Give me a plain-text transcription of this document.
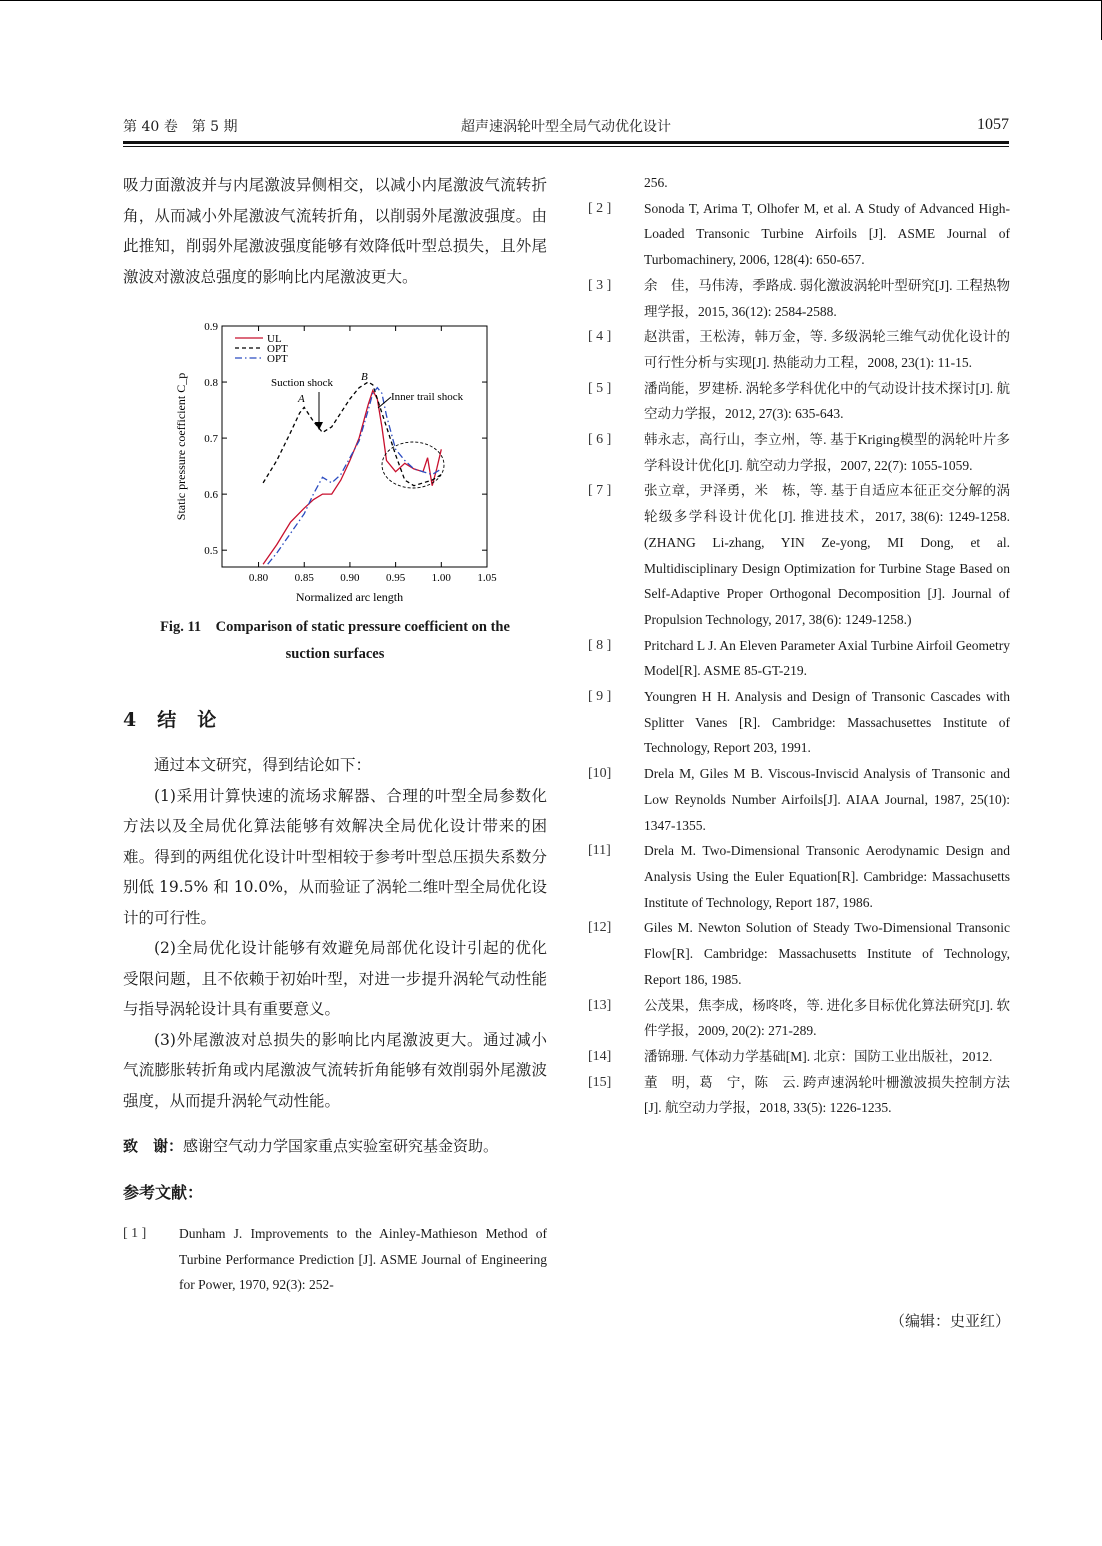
第 40 卷　第 5 期	超声速涡轮叶型全局气动优化设计	1057

吸力面激波并与内尾激波异侧相交，以减小内尾激波气流转折角，从而减小外尾激波气流转折角，以削弱外尾激波强度。由此推知，削弱外尾激波强度能够有效降低叶型总损失，且外尾激波对激波总强度的影响比内尾激波更大。

0.80 0.85 0.90 0.95 1.00 1.05
0.5
0.6
0.7
0.8
0.9
Normalized arc length
Static pressure coefficient C_p
UL
OPT
OPT
Suction shock
A
B
Inner trail shock
Fig. 11　Comparison of static pressure coefficient on the
suction surfaces
4　结　论

通过本文研究，得到结论如下：

(1)采用计算快速的流场求解器、合理的叶型全局参数化方法以及全局优化算法能够有效解决全局优化设计带来的困难。得到的两组优化设计叶型相较于参考叶型总压损失系数分别低 19.5% 和 10.0%，从而验证了涡轮二维叶型全局优化设计的可行性。

(2)全局优化设计能够有效避免局部优化设计引起的优化受限问题，且不依赖于初始叶型，对进一步提升涡轮气动性能与指导涡轮设计具有重要意义。

(3)外尾激波对总损失的影响比内尾激波更大。通过减小气流膨胀转折角或内尾激波气流转折角能够有效削弱外尾激波强度，从而提升涡轮气动性能。

致　谢：感谢空气动力学国家重点实验室研究基金资助。
参考文献：
[ 1 ]	Dunham J. Improvements to the Ainley-Mathieson Method of Turbine Performance Prediction [J]. ASME Journal of Engineering for Power, 1970, 92(3): 252-
256.
[ 2 ]	Sonoda T, Arima T, Olhofer M, et al. A Study of Advanced High-Loaded Transonic Turbine Airfoils [J]. ASME Journal of Turbomachinery, 2006, 128(4): 650-657.
[ 3 ]	余　佳，马伟涛，季路成. 弱化激波涡轮叶型研究[J]. 工程热物理学报，2015, 36(12): 2584-2588.
[ 4 ]	赵洪雷，王松涛，韩万金，等. 多级涡轮三维气动优化设计的可行性分析与实现[J]. 热能动力工程，2008, 23(1): 11-15.
[ 5 ]	潘尚能，罗建桥. 涡轮多学科优化中的气动设计技术探讨[J]. 航空动力学报，2012, 27(3): 635-643.
[ 6 ]	韩永志，高行山，李立州，等. 基于Kriging模型的涡轮叶片多学科设计优化[J]. 航空动力学报，2007, 22(7): 1055-1059.
[ 7 ]	张立章，尹泽勇，米　栋，等. 基于自适应本征正交分解的涡轮级多学科设计优化[J]. 推进技术，2017, 38(6): 1249-1258. (ZHANG Li-zhang, YIN Ze-yong, MI Dong, et al. Multidisciplinary Design Optimization for Turbine Stage Based on Self-Adaptive Proper Orthogonal Decomposition [J]. Journal of Propulsion Technology, 2017, 38(6): 1249-1258.)
[ 8 ]	Pritchard L J. An Eleven Parameter Axial Turbine Airfoil Geometry Model[R]. ASME 85-GT-219.
[ 9 ]	Youngren H H. Analysis and Design of Transonic Cascades with Splitter Vanes [R]. Cambridge: Massachusettes Institute of Technology, Report 203, 1991.
[10]	Drela M, Giles M B. Viscous-Inviscid Analysis of Transonic and Low Reynolds Number Airfoils[J]. AIAA Journal, 1987, 25(10): 1347-1355.
[11]	Drela M. Two-Dimensional Transonic Aerodynamic Design and Analysis Using the Euler Equation[R]. Cambridge: Massachusetts Institute of Technology, Report 187, 1986.
[12]	Giles M. Newton Solution of Steady Two-Dimensional Transonic Flow[R]. Cambridge: Massachusetts Institute of Technology, Report 186, 1985.
[13]	公茂果，焦李成，杨咚咚，等. 进化多目标优化算法研究[J]. 软件学报，2009, 20(2): 271-289.
[14]	潘锦珊. 气体动力学基础[M]. 北京：国防工业出版社，2012.
[15]	董　明，葛　宁，陈　云. 跨声速涡轮叶栅激波损失控制方法[J]. 航空动力学报，2018, 33(5): 1226-1235.
（编辑：史亚红）
